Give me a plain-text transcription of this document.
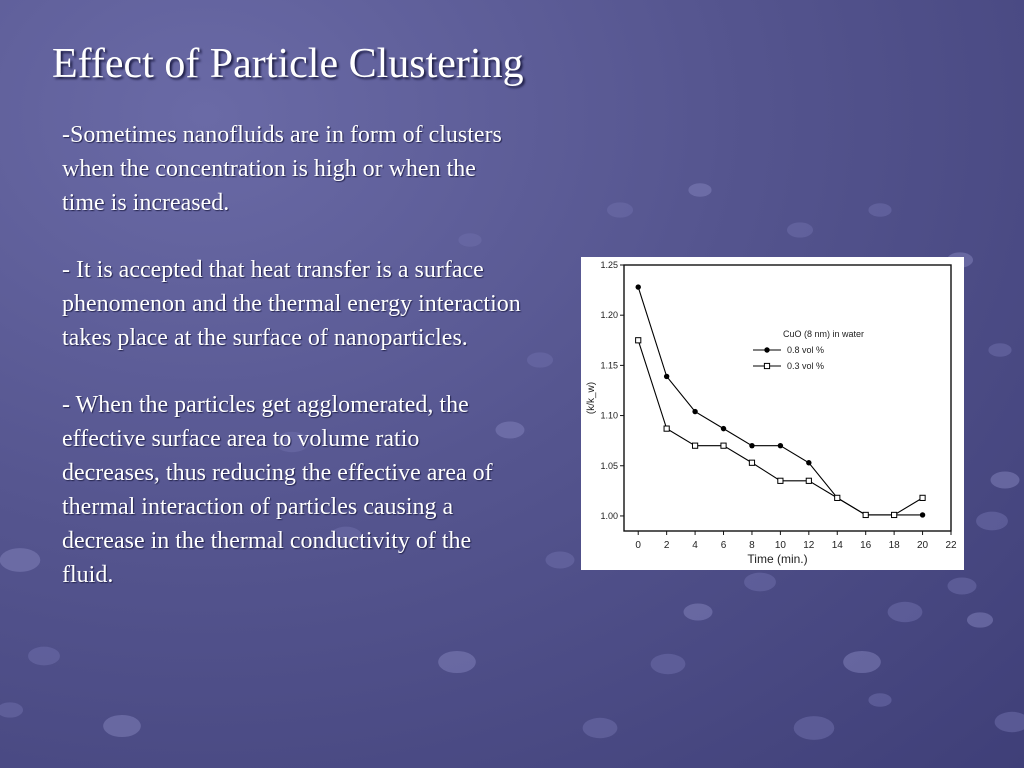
Effect of Particle Clustering

-Sometimes nanofluids are in form of clusters when the concentration is high or when the time is increased.

- It is accepted that heat transfer is a surface phenomenon and the thermal energy interaction takes place at the surface of nanoparticles.

- When the particles get agglomerated, the effective surface area to volume ratio decreases, thus reducing the effective area of thermal interaction of particles causing a decrease in the thermal conductivity of the fluid.

0 2 4 6 8 10 12 14 16 18 20 22
1.00
1.05
1.10
1.15
1.20
1.25
Time (min.)
(k/k_w)
CuO (8 nm) in water
0.8 vol %
0.3 vol %
